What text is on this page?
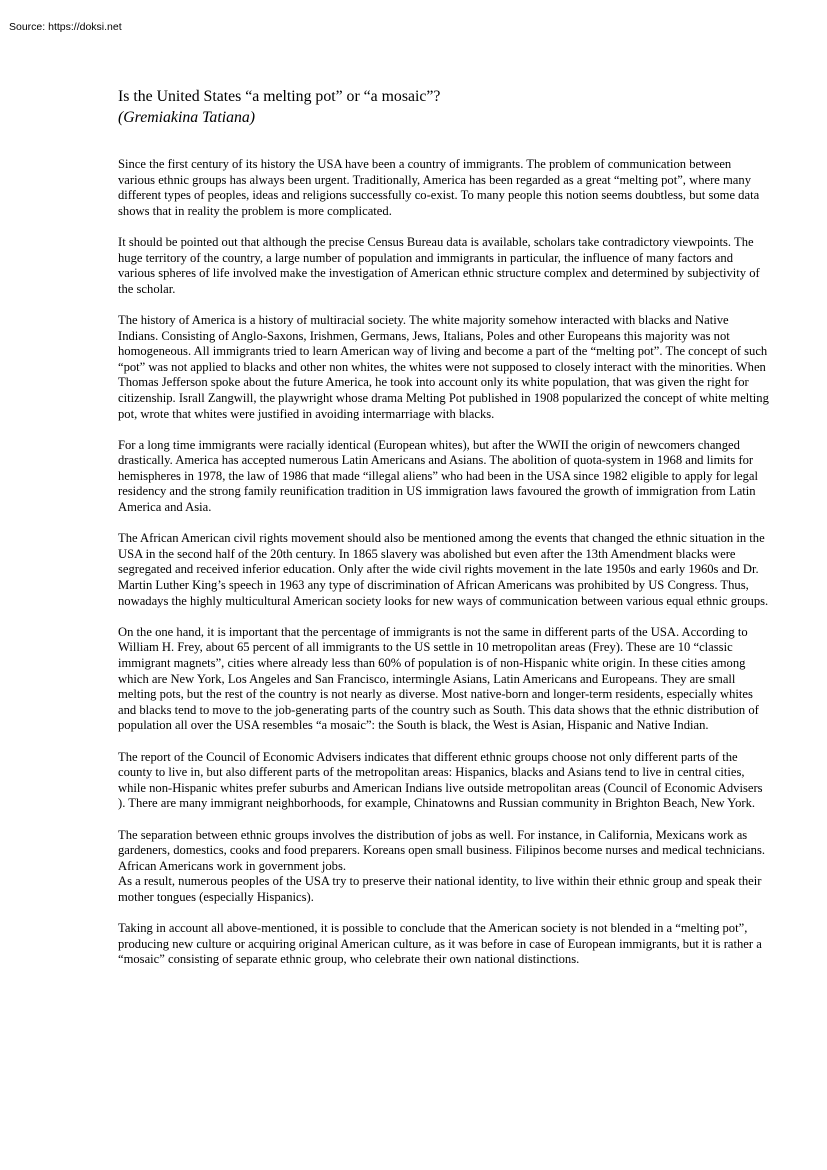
Source: https://doksi.net
Is the United States “a melting pot” or “a mosaic”?
(Gremiakina Tatiana)

Since the first century of its history the USA have been a country of immigrants. The problem of communication between various ethnic groups has always been urgent. Traditionally, America has been regarded as a great “melting pot”, where many different types of peoples, ideas and religions successfully co-exist. To many people this notion seems doubtless, but some data shows that in reality the problem is more complicated.

It should be pointed out that although the precise Census Bureau data is available, scholars take contradictory viewpoints. The huge territory of the country, a large number of population and immigrants in particular, the influence of many factors and various spheres of life involved make the investigation of American ethnic structure complex and determined by subjectivity of the scholar.

The history of America is a history of multiracial society. The white majority somehow interacted with blacks and Native Indians. Consisting of Anglo-Saxons, Irishmen, Germans, Jews, Italians, Poles and other Europeans this majority was not homogeneous. All immigrants tried to learn American way of living and become a part of the “melting pot”. The concept of such “pot” was not applied to blacks and other non whites, the whites were not supposed to closely interact with the minorities. When Thomas Jefferson spoke about the future America, he took into account only its white population, that was given the right for citizenship. Israll Zangwill, the playwright whose drama Melting Pot published in 1908 popularized the concept of white melting pot, wrote that whites were justified in avoiding intermarriage with blacks.

For a long time immigrants were racially identical (European whites), but after the WWII the origin of newcomers changed drastically. America has accepted numerous Latin Americans and Asians. The abolition of quota-system in 1968 and limits for hemispheres in 1978, the law of 1986 that made “illegal aliens” who had been in the USA since 1982 eligible to apply for legal residency and the strong family reunification tradition in US immigration laws favoured the growth of immigration from Latin America and Asia.

The African American civil rights movement should also be mentioned among the events that changed the ethnic situation in the USA in the second half of the 20th century. In 1865 slavery was abolished but even after the 13th Amendment blacks were segregated and received inferior education. Only after the wide civil rights movement in the late 1950s and early 1960s and Dr. Martin Luther King’s speech in 1963 any type of discrimination of African Americans was prohibited by US Congress. Thus, nowadays the highly multicultural American society looks for new ways of communication between various equal ethnic groups.

On the one hand, it is important that the percentage of immigrants is not the same in different parts of the USA. According to William H. Frey, about 65 percent of all immigrants to the US settle in 10 metropolitan areas (Frey). These are 10 “classic immigrant magnets”, cities where already less than 60% of population is of non-Hispanic white origin. In these cities among which are New York, Los Angeles and San Francisco, intermingle Asians, Latin Americans and Europeans. They are small melting pots, but the rest of the country is not nearly as diverse. Most native-born and longer-term residents, especially whites and blacks tend to move to the job-generating parts of the country such as South. This data shows that the ethnic distribution of population all over the USA resembles “a mosaic”: the South is black, the West is Asian, Hispanic and Native Indian.

The report of the Council of Economic Advisers indicates that different ethnic groups choose not only different parts of the county to live in, but also different parts of the metropolitan areas: Hispanics, blacks and Asians tend to live in central cities, while non-Hispanic whites prefer suburbs and American Indians live outside metropolitan areas (Council of Economic Advisers ). There are many immigrant neighborhoods, for example, Chinatowns and Russian community in Brighton Beach, New York.

The separation between ethnic groups involves the distribution of jobs as well. For instance, in California, Mexicans work as gardeners, domestics, cooks and food preparers. Koreans open small business. Filipinos become nurses and medical technicians. African Americans work in government jobs.

As a result, numerous peoples of the USA try to preserve their national identity, to live within their ethnic group and speak their mother tongues (especially Hispanics).

Taking in account all above-mentioned, it is possible to conclude that the American society is not blended in a “melting pot”, producing new culture or acquiring original American culture, as it was before in case of European immigrants, but it is rather a “mosaic” consisting of separate ethnic group, who celebrate their own national distinctions.
